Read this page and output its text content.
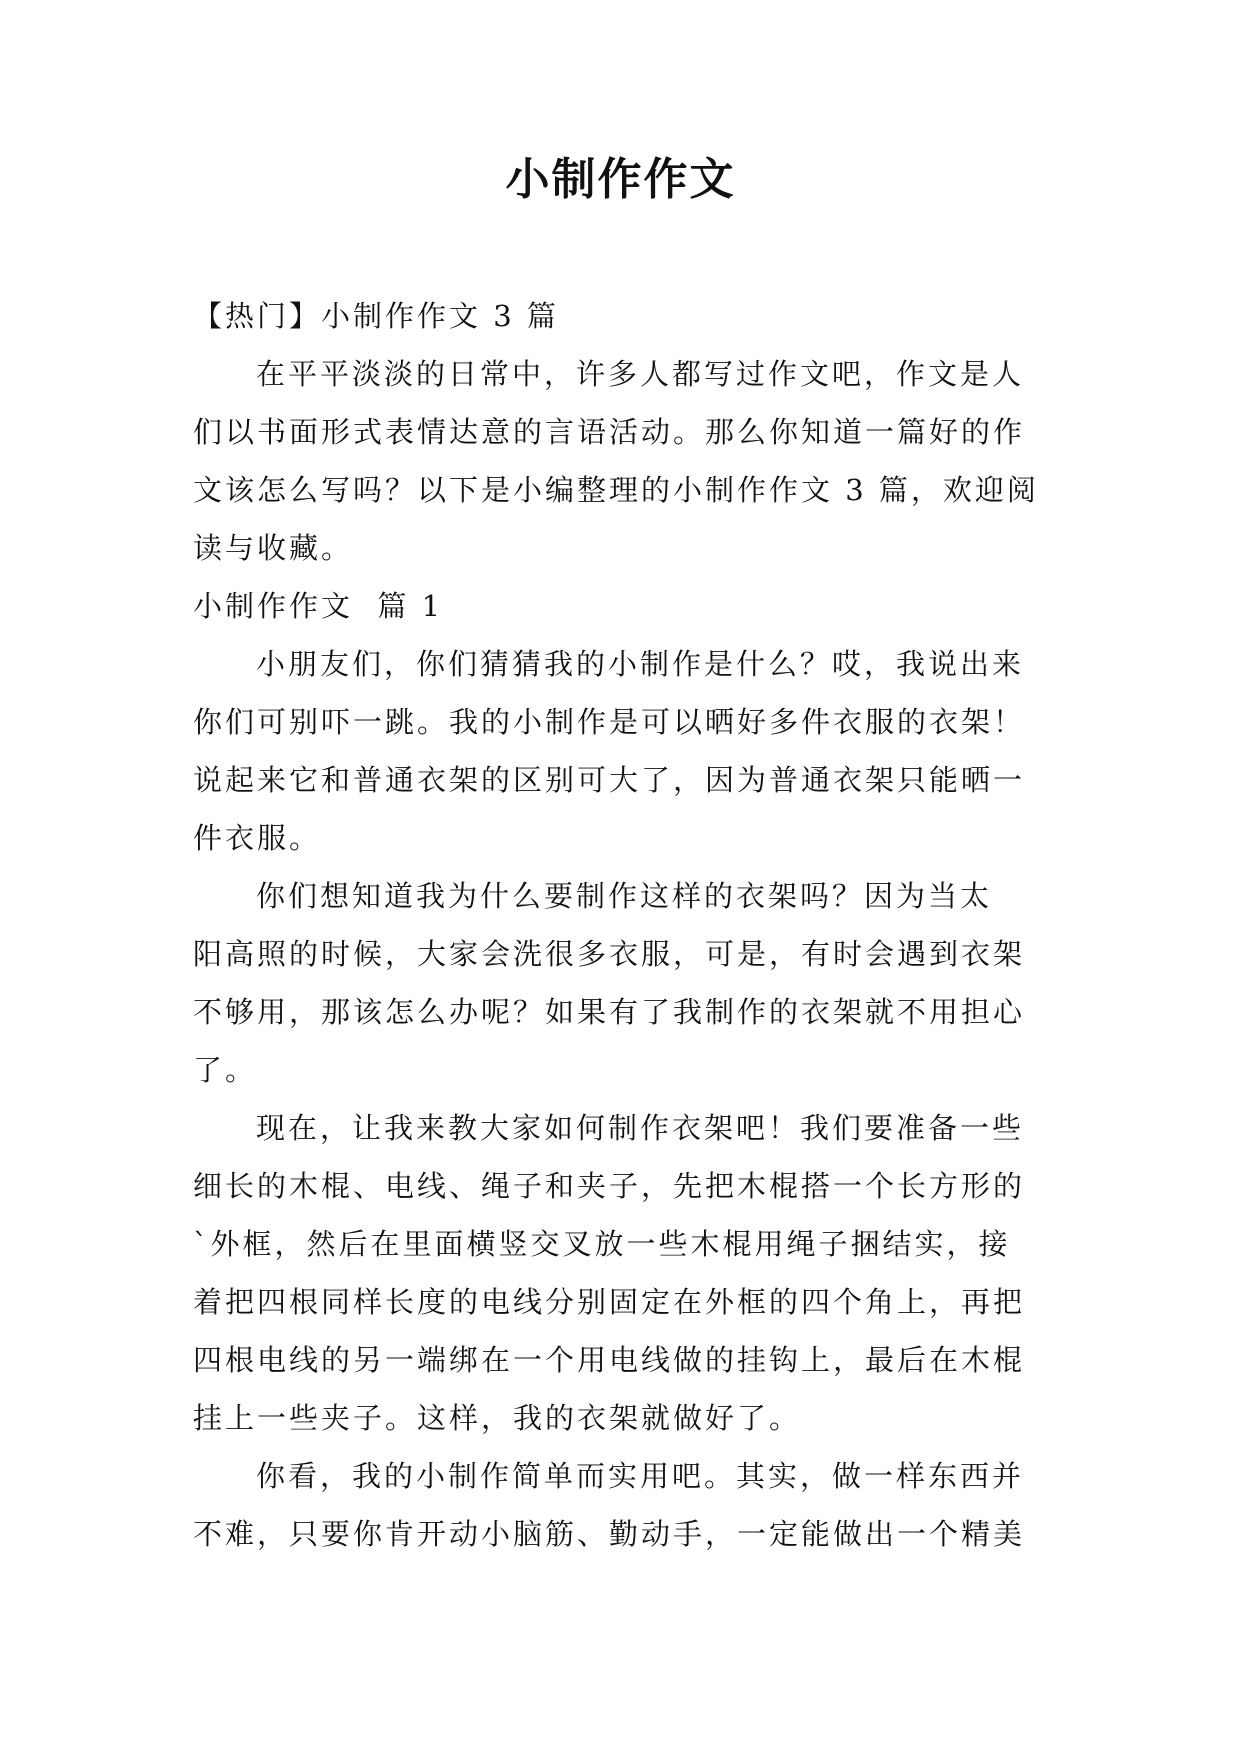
小制作作文
【热门】小制作作文 3 篇
在平平淡淡的日常中，许多人都写过作文吧，作文是人
们以书面形式表情达意的言语活动。那么你知道一篇好的作
文该怎么写吗？以下是小编整理的小制作作文 3 篇，欢迎阅
读与收藏。
小制作作文  篇 1
小朋友们，你们猜猜我的小制作是什么？哎，我说出来
你们可别吓一跳。我的小制作是可以晒好多件衣服的衣架！
说起来它和普通衣架的区别可大了，因为普通衣架只能晒一
件衣服。
你们想知道我为什么要制作这样的衣架吗？因为当太
阳高照的时候，大家会洗很多衣服，可是，有时会遇到衣架
不够用，那该怎么办呢？如果有了我制作的衣架就不用担心
了。
现在，让我来教大家如何制作衣架吧！我们要准备一些
细长的木棍、电线、绳子和夹子，先把木棍搭一个长方形的
`外框，然后在里面横竖交叉放一些木棍用绳子捆结实，接
着把四根同样长度的电线分别固定在外框的四个角上，再把
四根电线的另一端绑在一个用电线做的挂钩上，最后在木棍
挂上一些夹子。这样，我的衣架就做好了。
你看，我的小制作简单而实用吧。其实，做一样东西并
不难，只要你肯开动小脑筋、勤动手，一定能做出一个精美
